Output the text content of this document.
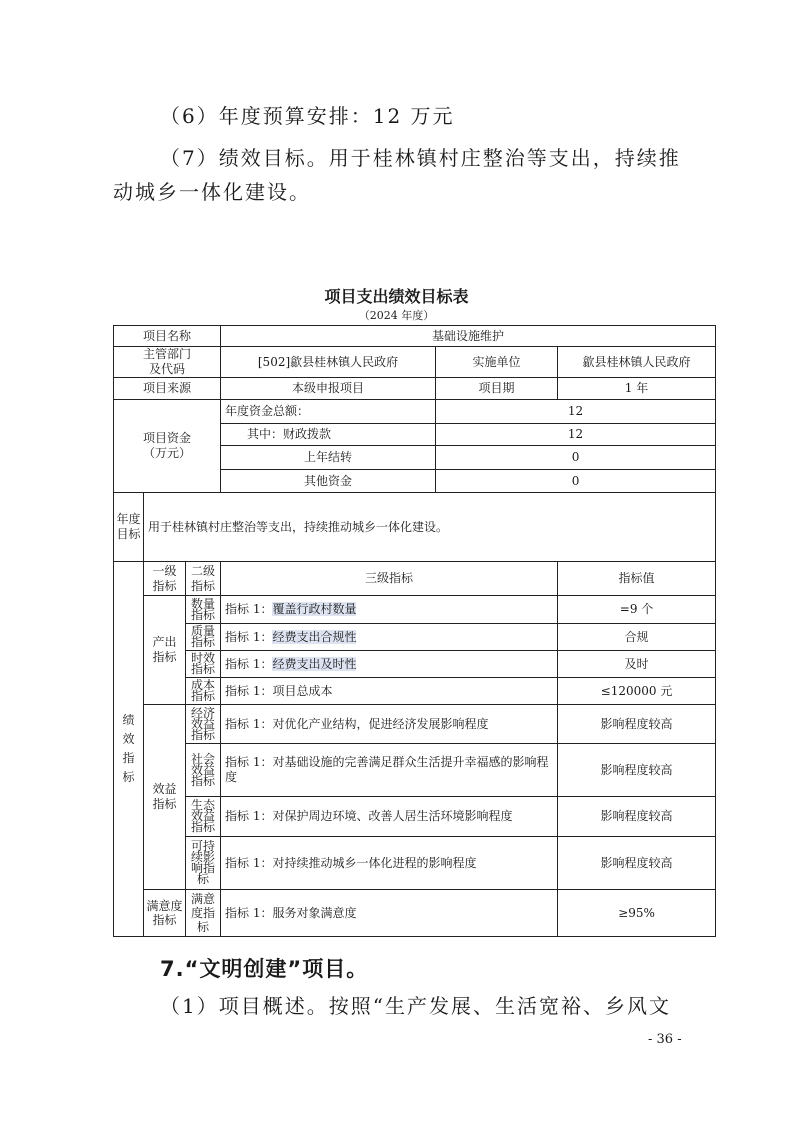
（6）年度预算安排：12 万元
（7）绩效目标。用于桂林镇村庄整治等支出，持续推
动城乡一体化建设。
项目支出绩效目标表
（2024 年度）
项目名称			基础设施维护		

主管部门
及代码			[502]歙县桂林镇人民政府	实施单位	歙县桂林镇人民政府
项目来源			本级申报项目	项目期	1 年

项目资金
（万元）			年度资金总额：	12	
			其中：财政拨款	12	
			上年结转	0	
			其他资金	0	
年度目标	用于桂林镇村庄整治等支出，持续推动城乡一体化建设。				
绩效指标	一级指标	二级指标	三级指标		指标值
	产出指标	数量指标	指标 1：覆盖行政村数量		=9 个
		质量指标	指标 1：经费支出合规性		合规
		时效指标	指标 1：经费支出及时性		及时
		成本指标	指标 1：项目总成本		≤120000 元
	效益指标	经济效益指标	指标 1：对优化产业结构，促进经济发展影响程度		影响程度较高
		社会效益指标	指标 1：对基础设施的完善满足群众生活提升幸福感的影响程度		影响程度较高
		生态效益指标	指标 1：对保护周边环境、改善人居生活环境影响程度		影响程度较高
		可持续影响指标	指标 1：对持续推动城乡一体化进程的影响程度		影响程度较高
	满意度指标	满意度指标	指标 1：服务对象满意度		≥95%
7.“文明创建”项目。
（1）项目概述。按照“生产发展、生活宽裕、乡风文
- 36 -
